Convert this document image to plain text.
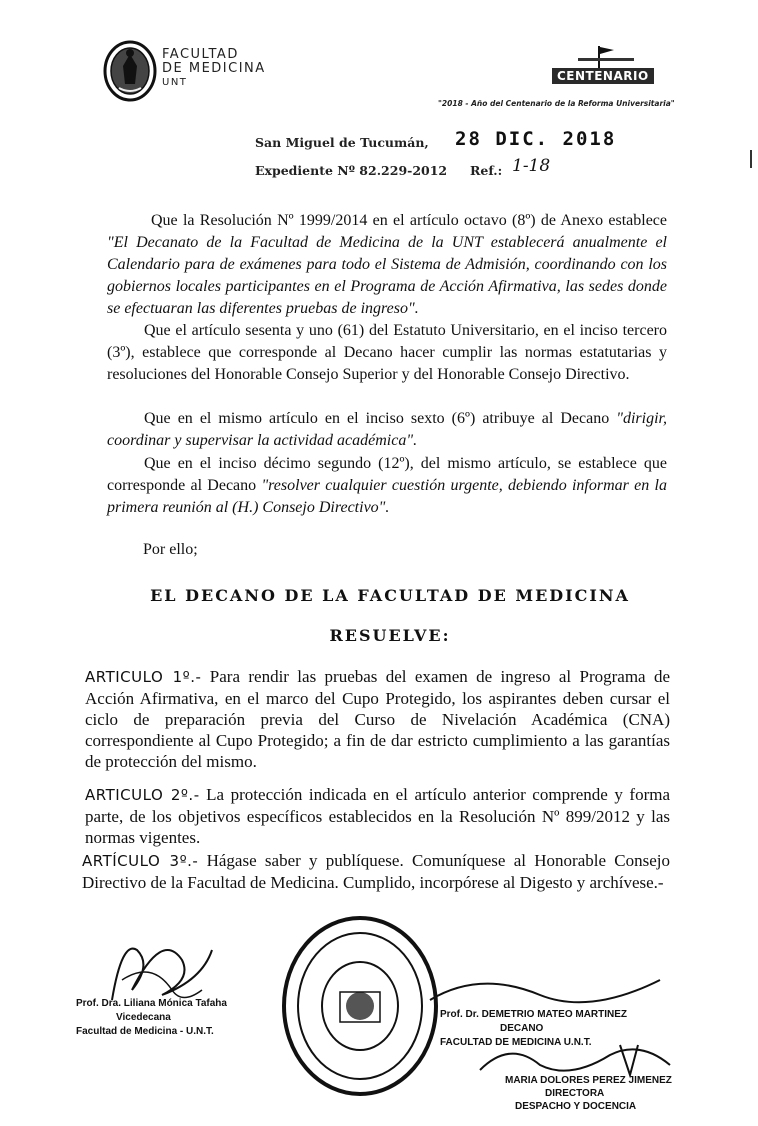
FACULTAD
DE MEDICINA
UNT	CENTENARIO
"2018 - Año del Centenario de la Reforma Universitaria"
San Miguel de Tucumán, 28 DIC. 2018
Expediente Nº 82.229-2012 Ref.: 1-18
Que la Resolución Nº 1999/2014 en el artículo octavo (8º) de Anexo establece "El Decanato de la Facultad de Medicina de la UNT establecerá anualmente el Calendario para de exámenes para todo el Sistema de Admisión, coordinando con los gobiernos locales participantes en el Programa de Acción Afirmativa, las sedes donde se efectuaran las diferentes pruebas de ingreso".
Que el artículo sesenta y uno (61) del Estatuto Universitario, en el inciso tercero (3º), establece que corresponde al Decano hacer cumplir las normas estatutarias y resoluciones del Honorable Consejo Superior y del Honorable Consejo Directivo.
Que en el mismo artículo en el inciso sexto (6º) atribuye al Decano "dirigir, coordinar y supervisar la actividad académica".
Que en el inciso décimo segundo (12º), del mismo artículo, se establece que corresponde al Decano "resolver cualquier cuestión urgente, debiendo informar en la primera reunión al (H.) Consejo Directivo".
Por ello;
EL DECANO DE LA FACULTAD DE MEDICINA
RESUELVE:
ARTICULO 1º.- Para rendir las pruebas del examen de ingreso al Programa de Acción Afirmativa, en el marco del Cupo Protegido, los aspirantes deben cursar el ciclo de preparación previa del Curso de Nivelación Académica (CNA) correspondiente al Cupo Protegido; a fin de dar estricto cumplimiento a las garantías de protección del mismo.
ARTICULO 2º.- La protección indicada en el artículo anterior comprende y forma parte, de los objetivos específicos establecidos en la Resolución Nº 899/2012 y las normas vigentes.
ARTÍCULO 3º.- Hágase saber y publíquese. Comuníquese al Honorable Consejo Directivo de la Facultad de Medicina. Cumplido, incorpórese al Digesto y archívese.-
Prof. Dra. Liliana Mónica Tafaha
Vicedecana
Facultad de Medicina - U.N.T.
Prof. Dr. DEMETRIO MATEO MARTINEZ
DECANO
FACULTAD DE MEDICINA U.N.T.
MARIA DOLORES PEREZ JIMENEZ
DIRECTORA
DESPACHO Y DOCENCIA
